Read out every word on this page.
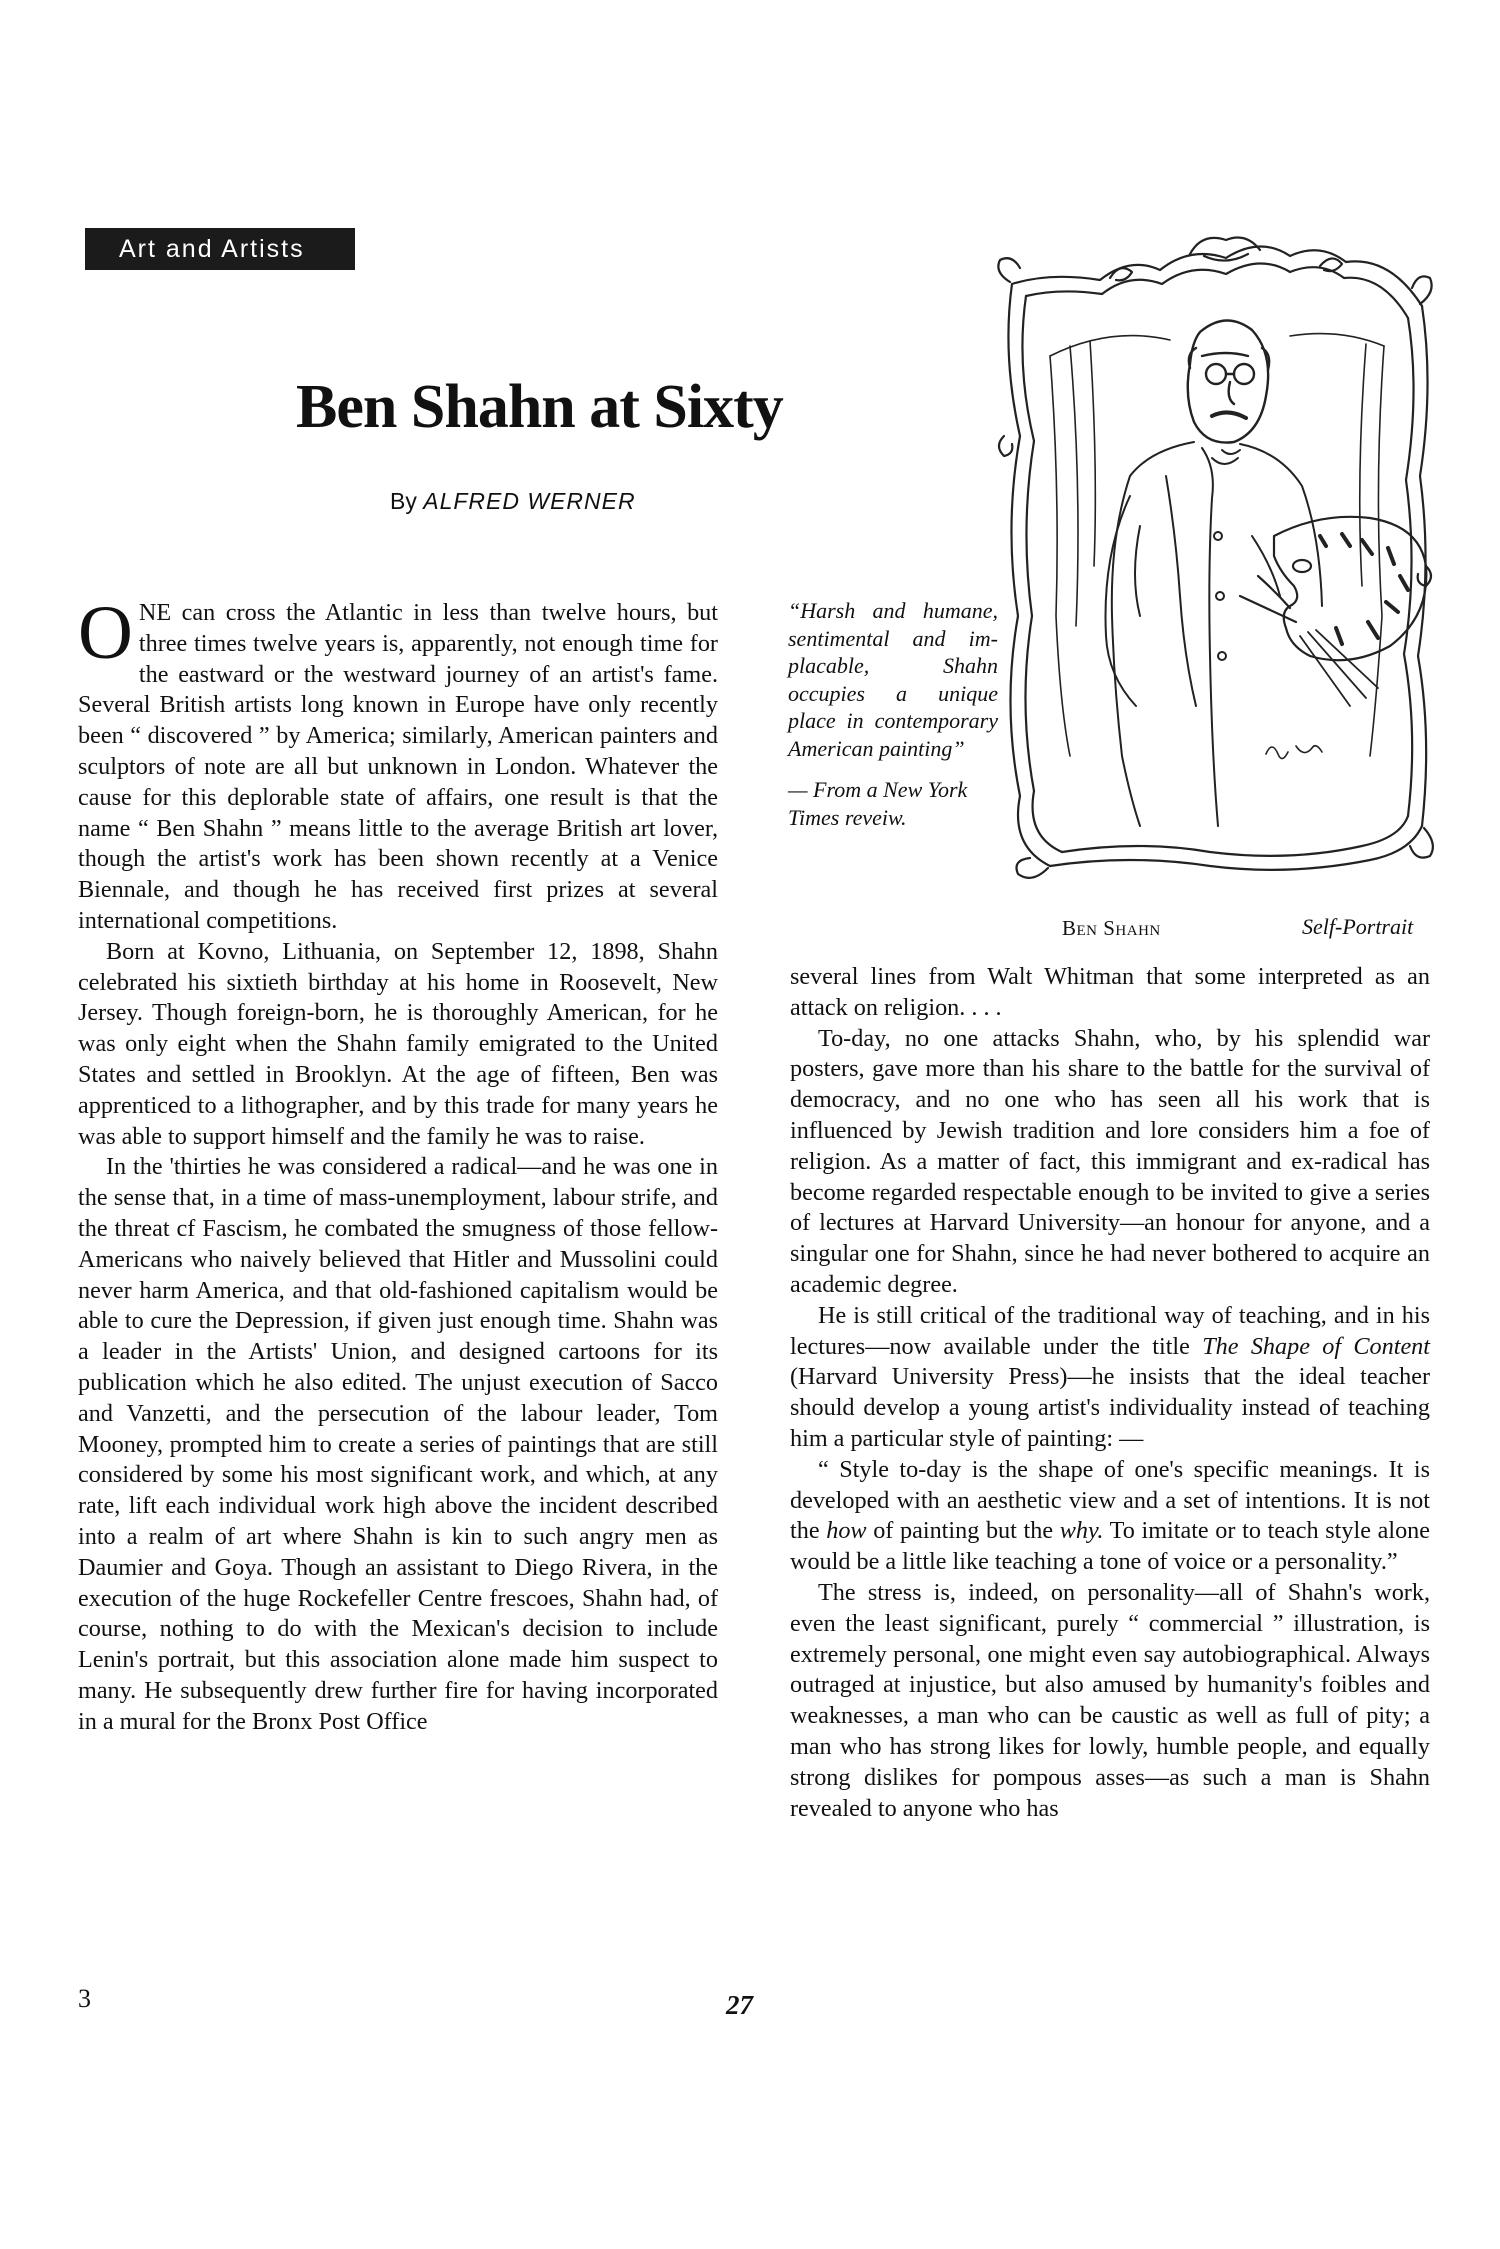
Art and Artists
Ben Shahn at Sixty
By ALFRED WERNER

ONE can cross the Atlantic in less than twelve hours, but three times twelve years is, apparently, not enough time for the eastward or the westward journey of an artist's fame. Several British artists long known in Europe have only recently been “ discovered ” by America; similarly, American painters and sculptors of note are all but unknown in London. Whatever the cause for this deplorable state of affairs, one result is that the name “ Ben Shahn ” means little to the average British art lover, though the artist's work has been shown recently at a Venice Biennale, and though he has received first prizes at several international competitions.

Born at Kovno, Lithuania, on September 12, 1898, Shahn celebrated his sixtieth birthday at his home in Roosevelt, New Jersey. Though foreign-born, he is thoroughly American, for he was only eight when the Shahn family emigrated to the United States and settled in Brooklyn. At the age of fifteen, Ben was apprenticed to a lithographer, and by this trade for many years he was able to support himself and the family he was to raise.

In the 'thirties he was considered a radical—and he was one in the sense that, in a time of mass-unemployment, labour strife, and the threat cf Fascism, he combated the smugness of those fellow-Americans who naively believed that Hitler and Mussolini could never harm America, and that old-fashioned capitalism would be able to cure the Depression, if given just enough time. Shahn was a leader in the Artists' Union, and designed cartoons for its publication which he also edited. The unjust execution of Sacco and Vanzetti, and the persecution of the labour leader, Tom Mooney, prompted him to create a series of paintings that are still considered by some his most significant work, and which, at any rate, lift each individual work high above the incident described into a realm of art where Shahn is kin to such angry men as Daumier and Goya. Though an assistant to Diego Rivera, in the execution of the huge Rockefeller Centre frescoes, Shahn had, of course, nothing to do with the Mexican's decision to include Lenin's portrait, but this association alone made him suspect to many. He subsequently drew further fire for having incorporated in a mural for the Bronx Post Office

“Harsh and humane, sentimental and implacable, Shahn occupies a unique place in contemporary American painting”

— From a New York Times reveiw.

Ben Shahn	Self-Portrait

several lines from Walt Whitman that some interpreted as an attack on religion. . . .

To-day, no one attacks Shahn, who, by his splendid war posters, gave more than his share to the battle for the survival of democracy, and no one who has seen all his work that is influenced by Jewish tradition and lore considers him a foe of religion. As a matter of fact, this immigrant and ex-radical has become regarded respectable enough to be invited to give a series of lectures at Harvard University—an honour for anyone, and a singular one for Shahn, since he had never bothered to acquire an academic degree.

He is still critical of the traditional way of teaching, and in his lectures—now available under the title The Shape of Content (Harvard University Press)—he insists that the ideal teacher should develop a young artist's individuality instead of teaching him a particular style of painting: —

“ Style to-day is the shape of one's specific meanings. It is developed with an aesthetic view and a set of intentions. It is not the how of painting but the why. To imitate or to teach style alone would be a little like teaching a tone of voice or a personality.”

The stress is, indeed, on personality—all of Shahn's work, even the least significant, purely “ commercial ” illustration, is extremely personal, one might even say autobiographical. Always outraged at injustice, but also amused by humanity's foibles and weaknesses, a man who can be caustic as well as full of pity; a man who has strong likes for lowly, humble people, and equally strong dislikes for pompous asses—as such a man is Shahn revealed to anyone who has

3	27
